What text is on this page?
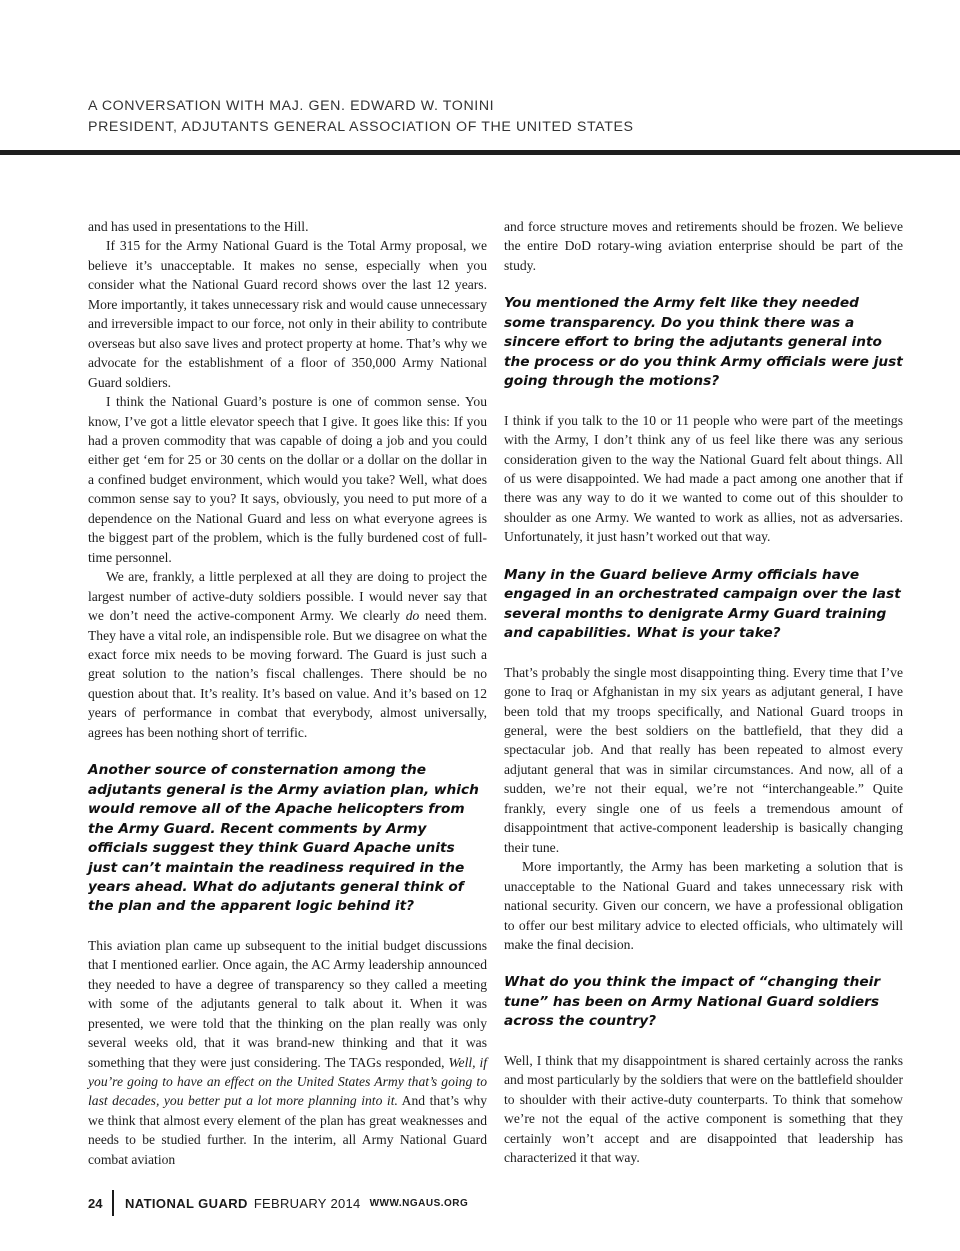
A CONVERSATION WITH MAJ. GEN. EDWARD W. TONINI
PRESIDENT, ADJUTANTS GENERAL ASSOCIATION OF THE UNITED STATES

and has used in presentations to the Hill.

If 315 for the Army National Guard is the Total Army proposal, we believe it’s unacceptable. It makes no sense, especially when you consider what the National Guard record shows over the last 12 years. More importantly, it takes unnecessary risk and would cause unnecessary and irreversible impact to our force, not only in their ability to contribute overseas but also save lives and protect property at home. That’s why we advocate for the establishment of a floor of 350,000 Army National Guard soldiers.

I think the National Guard’s posture is one of common sense. You know, I’ve got a little elevator speech that I give. It goes like this: If you had a proven commodity that was capable of doing a job and you could either get ‘em for 25 or 30 cents on the dollar or a dollar on the dollar in a confined budget environment, which would you take? Well, what does common sense say to you? It says, obviously, you need to put more of a dependence on the National Guard and less on what everyone agrees is the biggest part of the problem, which is the fully burdened cost of full-time personnel.

We are, frankly, a little perplexed at all they are doing to project the largest number of active-duty soldiers possible. I would never say that we don’t need the active-component Army. We clearly do need them. They have a vital role, an indispensible role. But we disagree on what the exact force mix needs to be moving forward. The Guard is just such a great solution to the nation’s fiscal challenges. There should be no question about that. It’s reality. It’s based on value. And it’s based on 12 years of performance in combat that everybody, almost universally, agrees has been nothing short of terrific.

Another source of consternation among the adjutants general is the Army aviation plan, which would remove all of the Apache helicopters from the Army Guard. Recent comments by Army officials suggest they think Guard Apache units just can’t maintain the readiness required in the years ahead. What do adjutants general think of the plan and the apparent logic behind it?

This aviation plan came up subsequent to the initial budget discussions that I mentioned earlier. Once again, the AC Army leadership announced they needed to have a degree of transparency so they called a meeting with some of the adjutants general to talk about it. When it was presented, we were told that the thinking on the plan really was only several weeks old, that it was brand-new thinking and that it was something that they were just considering. The TAGs responded, Well, if you’re going to have an effect on the United States Army that’s going to last decades, you better put a lot more planning into it. And that’s why we think that almost every element of the plan has great weaknesses and needs to be studied further. In the interim, all Army National Guard combat aviation

and force structure moves and retirements should be frozen. We believe the entire DoD rotary-wing aviation enterprise should be part of the study.

You mentioned the Army felt like they needed some transparency. Do you think there was a sincere effort to bring the adjutants general into the process or do you think Army officials were just going through the motions?

I think if you talk to the 10 or 11 people who were part of the meetings with the Army, I don’t think any of us feel like there was any serious consideration given to the way the National Guard felt about things. All of us were disappointed. We had made a pact among one another that if there was any way to do it we wanted to come out of this shoulder to shoulder as one Army. We wanted to work as allies, not as adversaries. Unfortunately, it just hasn’t worked out that way.

Many in the Guard believe Army officials have engaged in an orchestrated campaign over the last several months to denigrate Army Guard training and capabilities. What is your take?

That’s probably the single most disappointing thing. Every time that I’ve gone to Iraq or Afghanistan in my six years as adjutant general, I have been told that my troops specifically, and National Guard troops in general, were the best soldiers on the battlefield, that they did a spectacular job. And that really has been repeated to almost every adjutant general that was in similar circumstances. And now, all of a sudden, we’re not their equal, we’re not “interchangeable.” Quite frankly, every single one of us feels a tremendous amount of disappointment that active-component leadership is basically changing their tune.

More importantly, the Army has been marketing a solution that is unacceptable to the National Guard and takes unnecessary risk with national security. Given our concern, we have a professional obligation to offer our best military advice to elected officials, who ultimately will make the final decision.

What do you think the impact of “changing their tune” has been on Army National Guard soldiers across the country?

Well, I think that my disappointment is shared certainly across the ranks and most particularly by the soldiers that were on the battlefield shoulder to shoulder with their active-duty counterparts. To think that somehow we’re not the equal of the active component is something that they certainly won’t accept and are disappointed that leadership has characterized it that way.

24 NATIONAL GUARD FEBRUARY 2014 WWW.NGAUS.ORG
